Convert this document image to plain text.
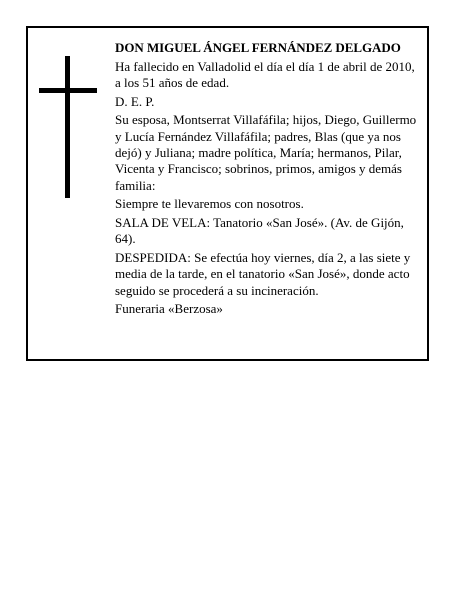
DON MIGUEL ÁNGEL FERNÁNDEZ DELGADO

Ha fallecido en Valladolid el día el día 1 de abril de 2010, a los 51 años de edad.

D. E. P.

Su esposa, Montserrat Villafáfila; hijos, Diego, Guillermo y Lucía Fernández Villafáfila; padres, Blas (que ya nos dejó) y Juliana; madre política, María; hermanos, Pilar, Vicenta y Francisco; sobrinos, primos, amigos y demás familia:

Siempre te llevaremos con nosotros.

SALA DE VELA: Tanatorio «San José». (Av. de Gijón, 64).

DESPEDIDA: Se efectúa hoy viernes, día 2, a las siete y media de la tarde, en el tanatorio «San José», donde acto seguido se procederá a su incineración.

Funeraria «Berzosa»
